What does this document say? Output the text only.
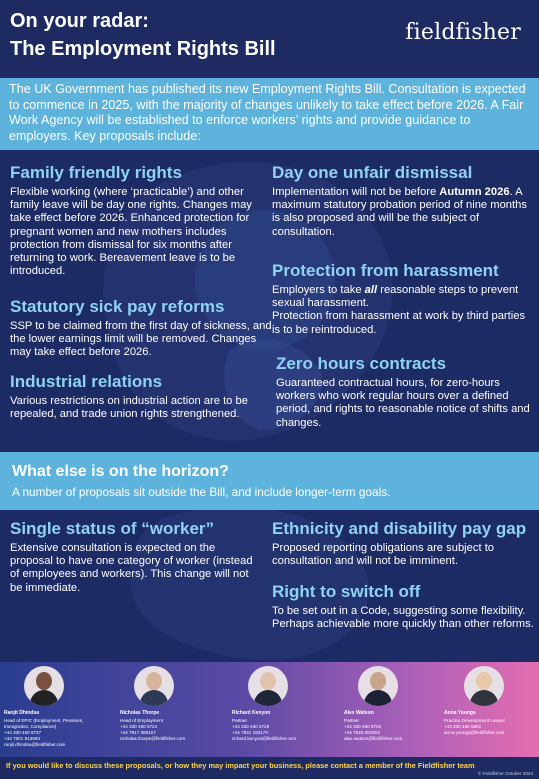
On your radar:
The Employment Rights Bill
fieldfisher

The UK Government has published its new Employment Rights Bill. Consultation is expected to commence in 2025, with the majority of changes unlikely to take effect before 2026. A Fair Work Agency will be established to enforce workers’ rights and provide guidance to employers. Key proposals include:

Family friendly rights

Flexible working (where ‘practicable’) and other family leave will be day one rights. Changes may take effect before 2026. Enhanced protection for pregnant women and new mothers includes protection from dismissal for six months after returning to work. Bereavement leave is to be introduced.

Statutory sick pay reforms

SSP to be claimed from the first day of sickness, and the lower earnings limit will be removed. Changes may take effect before 2026.

Industrial relations

Various restrictions on industrial action are to be repealed, and trade union rights strengthened.

Day one unfair dismissal

Implementation will not be before Autumn 2026. A maximum statutory probation period of nine months is also proposed and will be the subject of consultation.

Protection from harassment

Employers to take all reasonable steps to prevent sexual harassment.

Protection from harassment at work by third parties is to be reintroduced.

Zero hours contracts

Guaranteed contractual hours, for zero-hours workers who work regular hours over a defined period, and rights to reasonable notice of shifts and changes.

What else is on the horizon?

A number of proposals sit outside the Bill, and include longer-term goals.

Single status of “worker”

Extensive consultation is expected on the proposal to have one category of worker (instead of employees and workers). This change will not be immediate.

Ethnicity and disability pay gap

Proposed reporting obligations are subject to consultation and will not be imminent.

Right to switch off

To be set out in a Code, suggesting some flexibility. Perhaps achievable more quickly than other reforms.

Ranjit Dhindsa
Head of EPIC (Employment, Pensions, Immigration, Compliance)
+44 330 460 6737
+44 7901 913993
ranjit.dhindsa@fieldfisher.com
Nicholas Thorpe
Head of Employment
+44 330 460 6724
+44 7917 086107
nicholas.thorpe@fieldfisher.com
Richard Kenyon
Partner
+44 330 460 6729
+44 7831 193170
richard.kenyon@fieldfisher.com
Alex Watson
Partner
+44 330 460 6703
+44 7545 063903
alex.watson@fieldfisher.com
Anna Youngs
Practice Development Lawyer
+44 330 460 5901
anna.youngs@fieldfisher.com

If you would like to discuss these proposals, or how they may impact your business, please contact a member of the Fieldfisher team

© Fieldfisher October 2024
